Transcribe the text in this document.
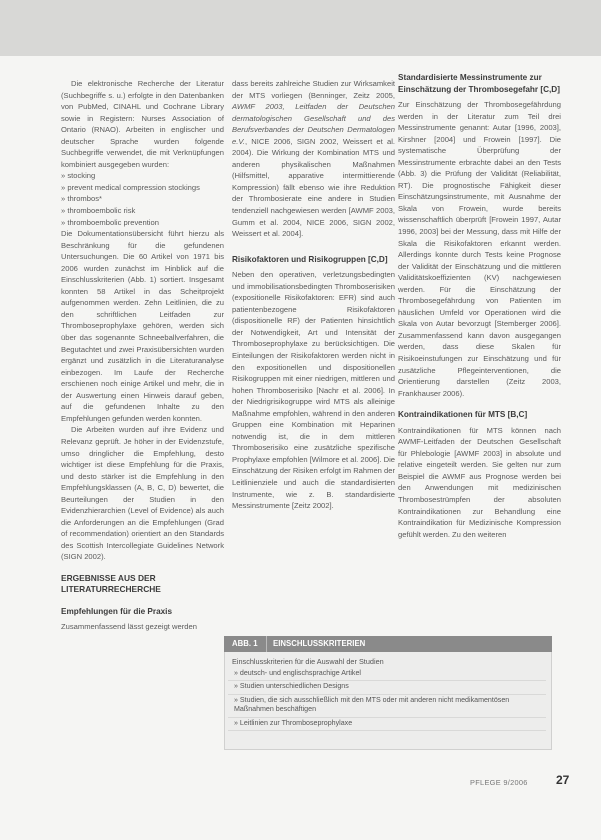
Die elektronische Recherche der Literatur (Suchbegriffe s. u.) erfolgte in den Datenbanken von PubMed, CINAHL und Cochrane Library sowie in Registern: Nurses Association of Ontario (RNAO). Arbeiten in englischer und deutscher Sprache wurden folgende Suchbegriffe verwendet, die mit Verknüpfungen kombiniert ausgegeben wurden:

» stocking
» prevent medical compression stockings
» thrombos*
» thromboembolic risk
» thromboembolic prevention

Die Dokumentationsübersicht führt hierzu als Beschränkung für die gefundenen Untersuchungen. Die 60 Artikel von 1971 bis 2006 wurden zunächst im Hinblick auf die Einschlusskriterien (Abb. 1) sortiert. Insgesamt konnten 58 Artikel in das Scheitprojekt aufgenommen werden. Zehn Leitlinien, die zu den schriftlichen Leitfaden zur Thromboseprophylaxe gehören, werden sich über das sogenannte Schneeballverfahren, die Begutachtet und zwei Praxisübersichten wurden ergänzt und zusätzlich in die Literaturanalyse einbezogen. Im Laufe der Recherche erschienen noch einige Artikel und mehr, die in der Auswertung einen Hinweis darauf geben, auf die gefundenen Inhalte zu den Empfehlungen gefunden werden konnten.

Die Arbeiten wurden auf ihre Evidenz und Relevanz geprüft. Je höher in der Evidenzstufe, umso dringlicher die Empfehlung, desto wichtiger ist diese Empfehlung für die Praxis, und desto stärker ist die Empfehlung in den Empfehlungsklassen (A, B, C, D) bewertet, die Beurteilungen der Studien in den Evidenzhierarchien (Level of Evidence) als auch die Anforderungen an die Empfehlungen (Grad of recommendation) orientiert an den Standards des Scottish Intercollegiate Guidelines Network (SIGN 2002).

ERGEBNISSE AUS DER LITERATURRECHERCHE
Empfehlungen für die Praxis

Zusammenfassend lässt gezeigt werden

dass bereits zahlreiche Studien zur Wirksamkeit der MTS vorliegen (Benninger, Zeitz 2005, AWMF 2003, Leitfaden der Deutschen dermatologischen Gesellschaft und des Berufsverbandes der Deutschen Dermatologen e.V., NICE 2006, SIGN 2002, Weissert et al. 2004). Die Wirkung der Kombination MTS und anderen physikalischen Maßnahmen (Hilfsmittel, apparative intermittierende Kompression) fällt ebenso wie ihre Reduktion der Thrombosierate eine andere in Studien tendenziell nachgewiesen werden [AWMF 2003, Gumm et al. 2004, NICE 2006, SIGN 2002, Weissert et al. 2004].

Risikofaktoren und Risikogruppen [C,D]

Neben den operativen, verletzungsbedingten und immobilisationsbedingten Thromboserisiken (expositionelle Risikofaktoren: EFR) sind auch patientenbezogene Risikofaktoren (dispositionelle RF) der Patienten hinsichtlich der Notwendigkeit, Art und Intensität der Thromboseprophylaxe zu berücksichtigen. Die Einteilungen der Risikofaktoren werden nicht in den expositionellen und dispositionellen Risikogruppen mit einer niedrigen, mittleren und hohen Thromboserisiko [Nachr et al. 2006]. In der Niedrigrisikogruppe wird MTS als alleinige Maßnahme empfohlen, während in den anderen Gruppen eine Kombination mit Heparinen notwendig ist, die in dem mittleren Thromboserisiko eine zusätzliche spezifische Prophylaxe empfohlen [Wilmore et al. 2006]. Die Einschätzung der Risiken erfolgt im Rahmen der Leitlinienziele und auch die standardisierten Instrumente, wie z. B. standardisierte Messinstrumente [Zeitz 2002].

Standardisierte Messinstrumente zur Einschätzung der Thrombosegefahr [C,D]

Zur Einschätzung der Thrombosegefährdung werden in der Literatur zum Teil drei Messinstrumente genannt: Autar [1996, 2003], Kirshner [2004] und Frowein [1997]. Die systematische Überprüfung der Messinstrumente erbrachte dabei an den Tests (Abb. 3) die Prüfung der Validität (Reliabilität, RT). Die prognostische Fähigkeit dieser Einschätzungsinstrumente, mit Ausnahme der Skala von Frowein, wurde bereits wissenschaftlich überprüft [Frowein 1997, Autar 1996, 2003] bei der Messung, dass mit Hilfe der Skala die Risikofaktoren erkannt werden. Allerdings konnte durch Tests keine Prognose der Validität der Einschätzung und die mittleren Validitätskoeffizienten (KV) nachgewiesen werden. Für die Einschätzung der Thrombosegefährdung von Patienten im häuslichen Umfeld vor Operationen wird die Skala von Autar bevorzugt [Stemberger 2006]. Zusammenfassend kann davon ausgegangen werden, dass diese Skalen für Risikoeinstufungen zur Einschätzung und für zusätzliche Pflegeinterventionen, die Orientierung darstellen (Zeitz 2003, Frankhauser 2006).

Kontraindikationen für MTS [B,C]

Kontraindikationen für MTS können nach AWMF-Leitfaden der Deutschen Gesellschaft für Phlebologie [AWMF 2003] in absolute und relative eingeteilt werden. Sie gelten nur zum Beispiel die AWMF aus Prognose werden bei den Anwendungen mit medizinischen Thrombosestrümpfen der absoluten Kontraindikationen zur Behandlung eine Kontraindikation für Medizinische Kompression gefühlt werden. Zu den weiteren

ABB. 1 EINSCHLUSSKRITERIEN
Einschlusskriterien für die Auswahl der Studien
» deutsch- und englischsprachige Artikel
» Studien unterschiedlichen Designs
» Studien, die sich ausschließlich mit den MTS oder mit anderen nicht medikamentösen Maßnahmen beschäftigen
» Leitlinien zur Thromboseprophylaxe
PFLEGE 9/2006 27
